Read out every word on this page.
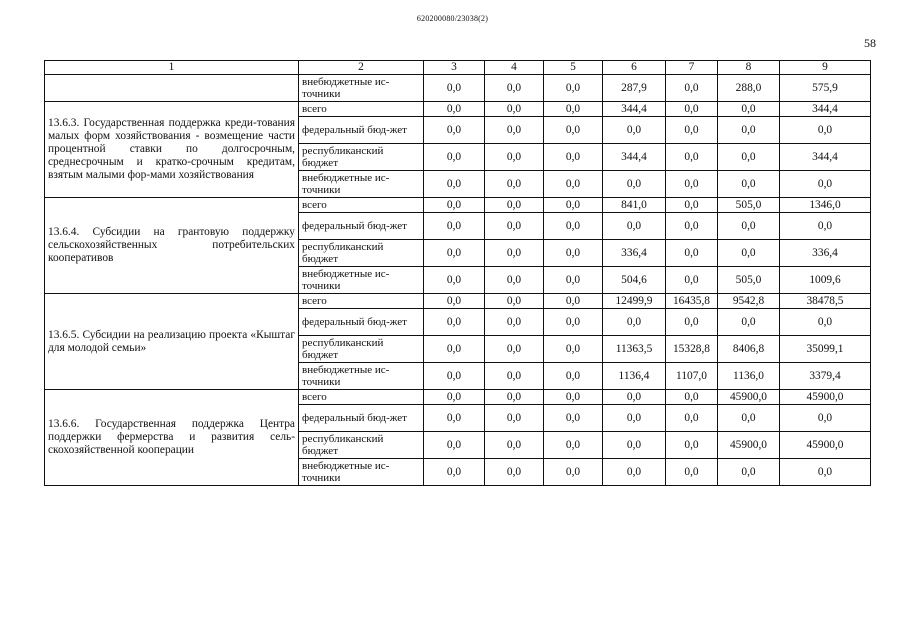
620200080/23038(2)
58
1	2	3	4	5	6	7	8	9
	внебюджетные ис-точники	0,0	0,0	0,0	287,9	0,0	288,0	575,9
13.6.3. Государственная поддержка креди-тования малых форм хозяйствования - возмещение части процентной ставки по долгосрочным, среднесрочным и кратко-срочным кредитам, взятым малыми фор-мами хозяйствования	всего	0,0	0,0	0,0	344,4	0,0	0,0	344,4
	федеральный бюд-жет	0,0	0,0	0,0	0,0	0,0	0,0	0,0
	республиканский бюджет	0,0	0,0	0,0	344,4	0,0	0,0	344,4
	внебюджетные ис-точники	0,0	0,0	0,0	0,0	0,0	0,0	0,0
13.6.4. Субсидии на грантовую поддержку сельскохозяйственных потребительских кооперативов	всего	0,0	0,0	0,0	841,0	0,0	505,0	1346,0
	федеральный бюд-жет	0,0	0,0	0,0	0,0	0,0	0,0	0,0
	республиканский бюджет	0,0	0,0	0,0	336,4	0,0	0,0	336,4
	внебюджетные ис-точники	0,0	0,0	0,0	504,6	0,0	505,0	1009,6
13.6.5. Субсидии на реализацию проекта «Кыштаг для молодой семьи»	всего	0,0	0,0	0,0	12499,9	16435,8	9542,8	38478,5
	федеральный бюд-жет	0,0	0,0	0,0	0,0	0,0	0,0	0,0
	республиканский бюджет	0,0	0,0	0,0	11363,5	15328,8	8406,8	35099,1
	внебюджетные ис-точники	0,0	0,0	0,0	1136,4	1107,0	1136,0	3379,4
13.6.6. Государственная поддержка Центра поддержки фермерства и развития сель-скохозяйственной кооперации	всего	0,0	0,0	0,0	0,0	0,0	45900,0	45900,0
	федеральный бюд-жет	0,0	0,0	0,0	0,0	0,0	0,0	0,0
	республиканский бюджет	0,0	0,0	0,0	0,0	0,0	45900,0	45900,0
	внебюджетные ис-точники	0,0	0,0	0,0	0,0	0,0	0,0	0,0
